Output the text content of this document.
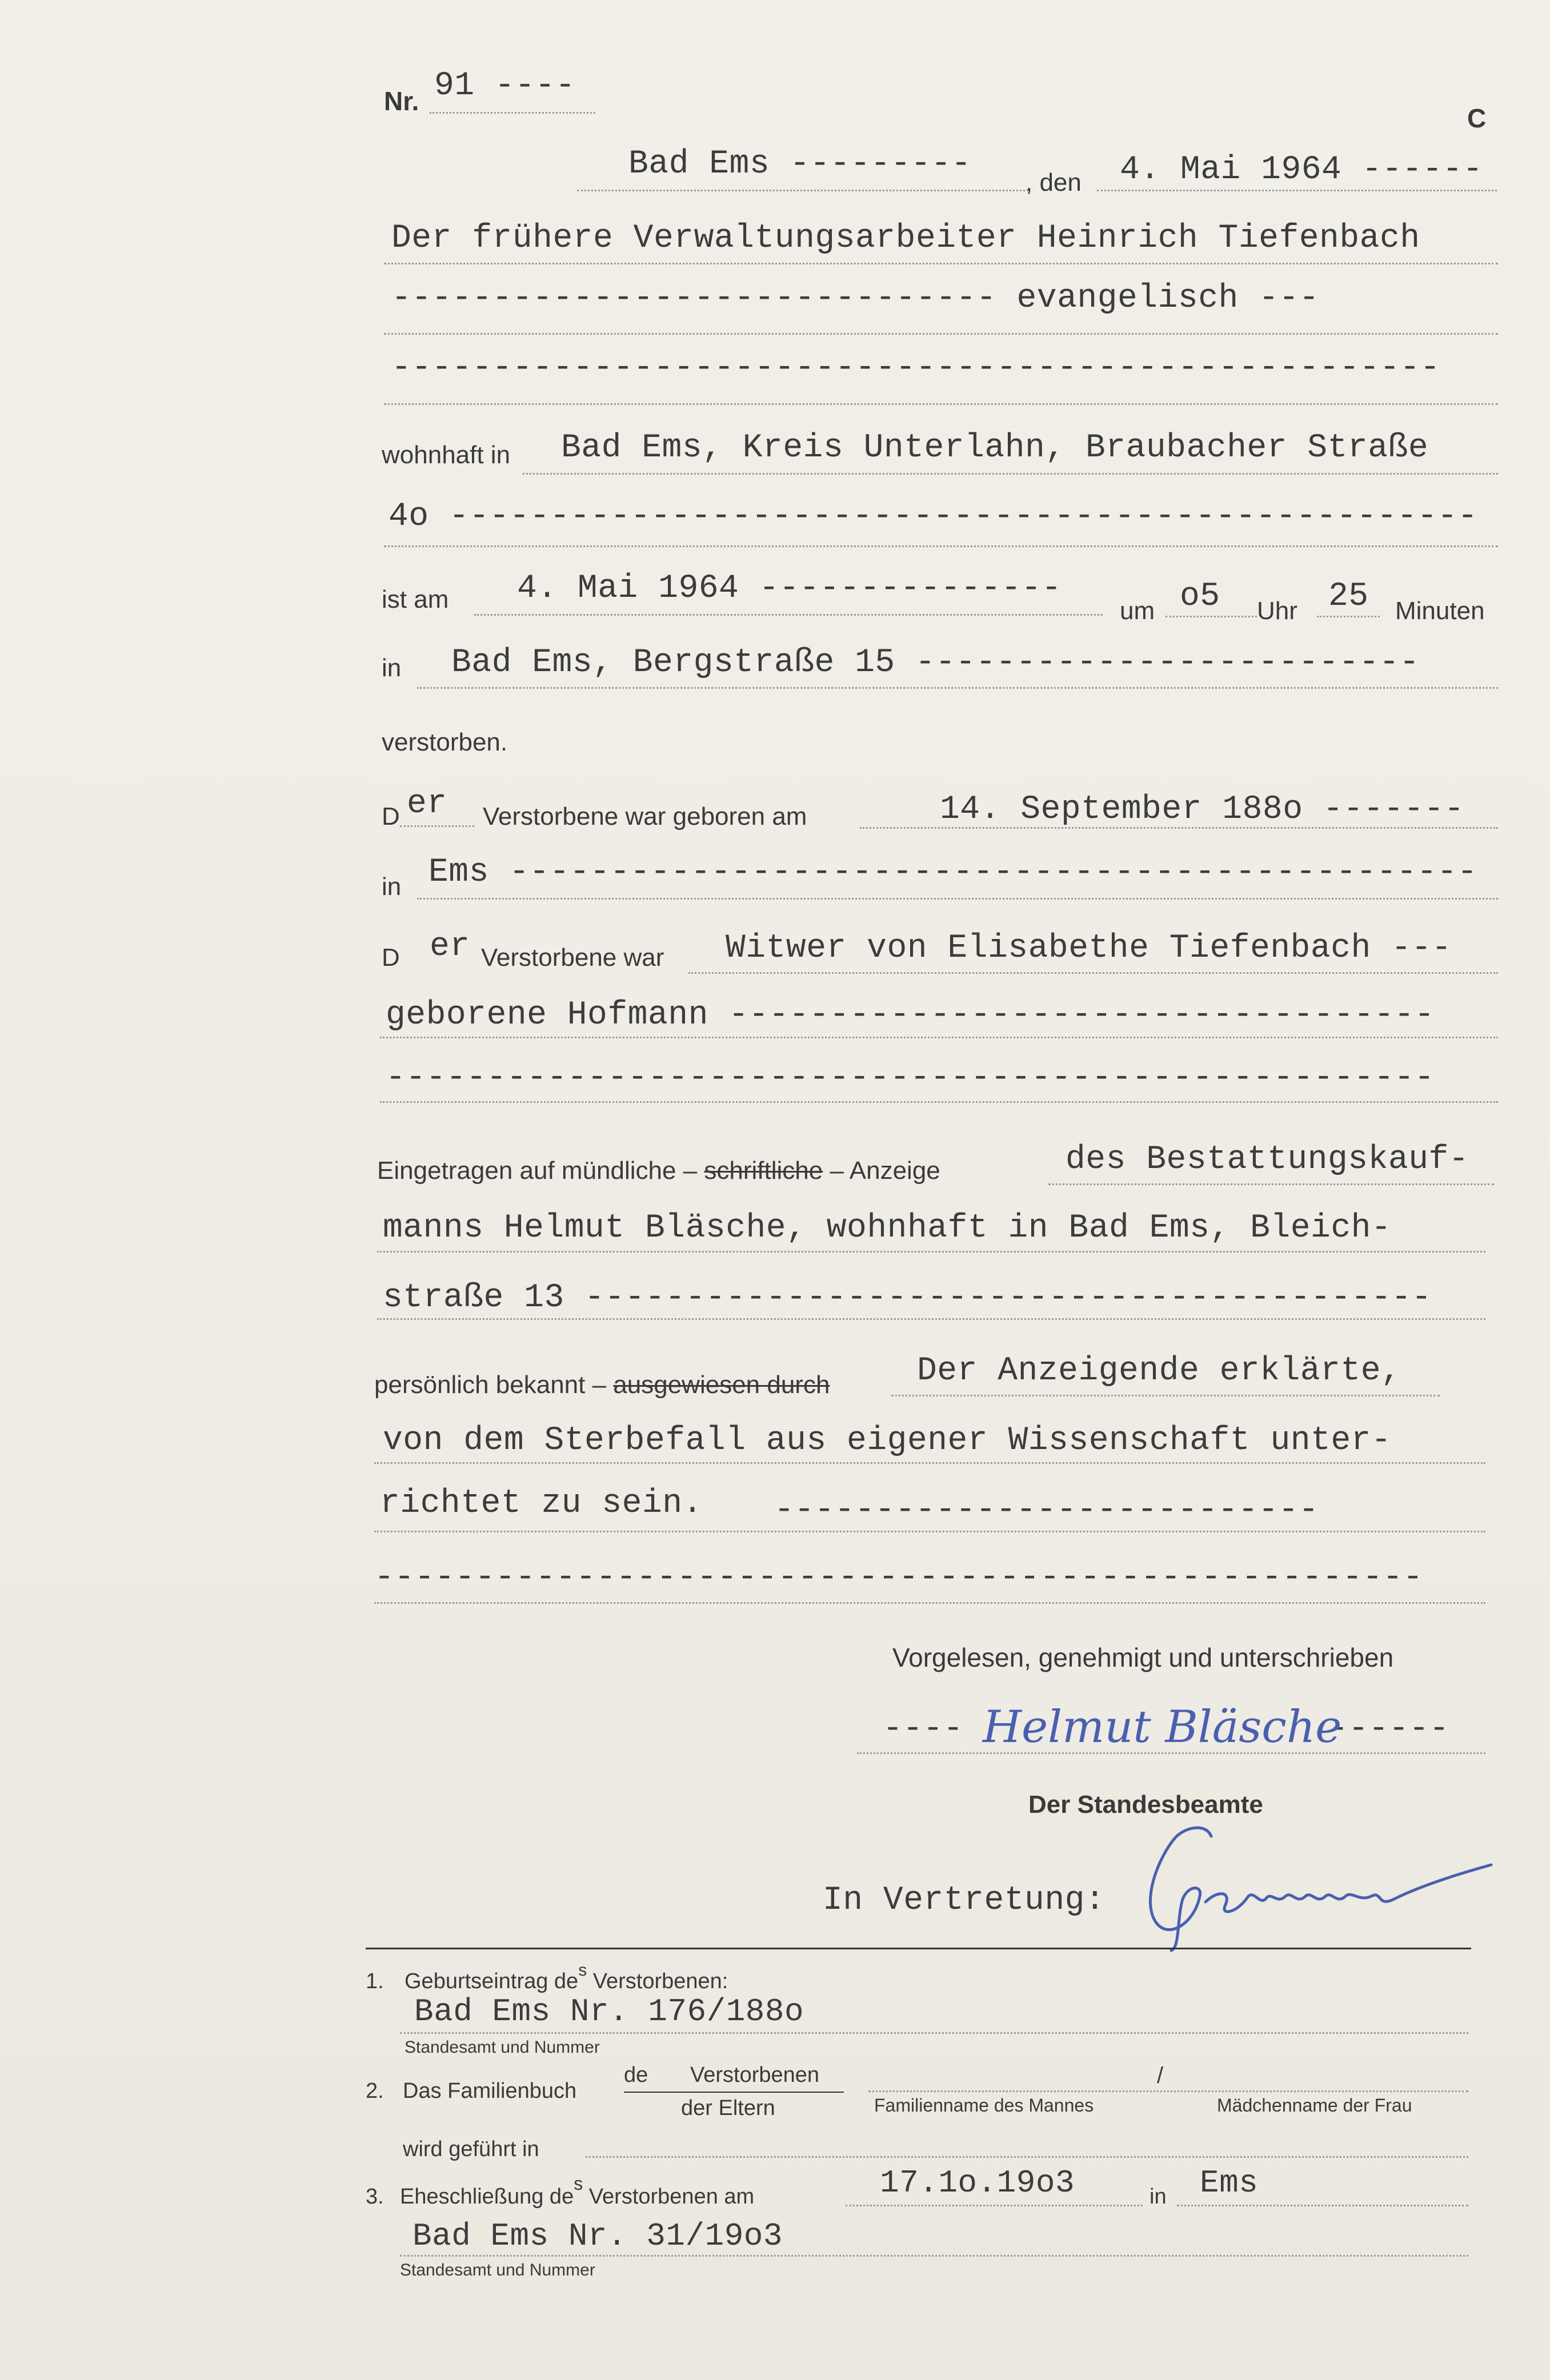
Nr. 91 ----
C
Bad Ems --------- , den 4. Mai 1964 ------
Der frühere Verwaltungsarbeiter Heinrich Tiefenbach
------------------------------ evangelisch ---
----------------------------------------------------
wohnhaft in Bad Ems, Kreis Unterlahn, Braubacher Straße
4o ---------------------------------------------------
ist am 4. Mai 1964 ---------------
um o5 Uhr 25 Minuten
in Bad Ems, Bergstraße 15 -------------------------
verstorben.
D er Verstorbene war geboren am	14. September 188o -------
in Ems ------------------------------------------------
D er Verstorbene war Witwer von Elisabethe Tiefenbach ---
geborene Hofmann -----------------------------------
----------------------------------------------------
Eingetragen auf mündliche – schriftliche – Anzeige	des Bestattungskauf-
manns Helmut Bläsche, wohnhaft in Bad Ems, Bleich-
straße 13 ------------------------------------------
persönlich bekannt – ausgewiesen durch	Der Anzeigende erklärte,
von dem Sterbefall aus eigener Wissenschaft unter-
richtet zu sein. ---------------------------
----------------------------------------------------
Vorgelesen, genehmigt und unterschrieben
----	------
Helmut Bläsche
Der Standesbeamte
In Vertretung:
1. Geburtseintrag $de^s$ Verstorbenen:
Bad Ems Nr. 176/188o
Standesamt und Nummer
2. Das Familienbuch
de Verstorbenen
der Eltern	Familienname des Mannes
/
Mädchenname der Frau
wird geführt in
3. Eheschließung $de^s$ Verstorbenen am	17.1o.19o3	in Ems
Bad Ems Nr. 31/19o3
Standesamt und Nummer
